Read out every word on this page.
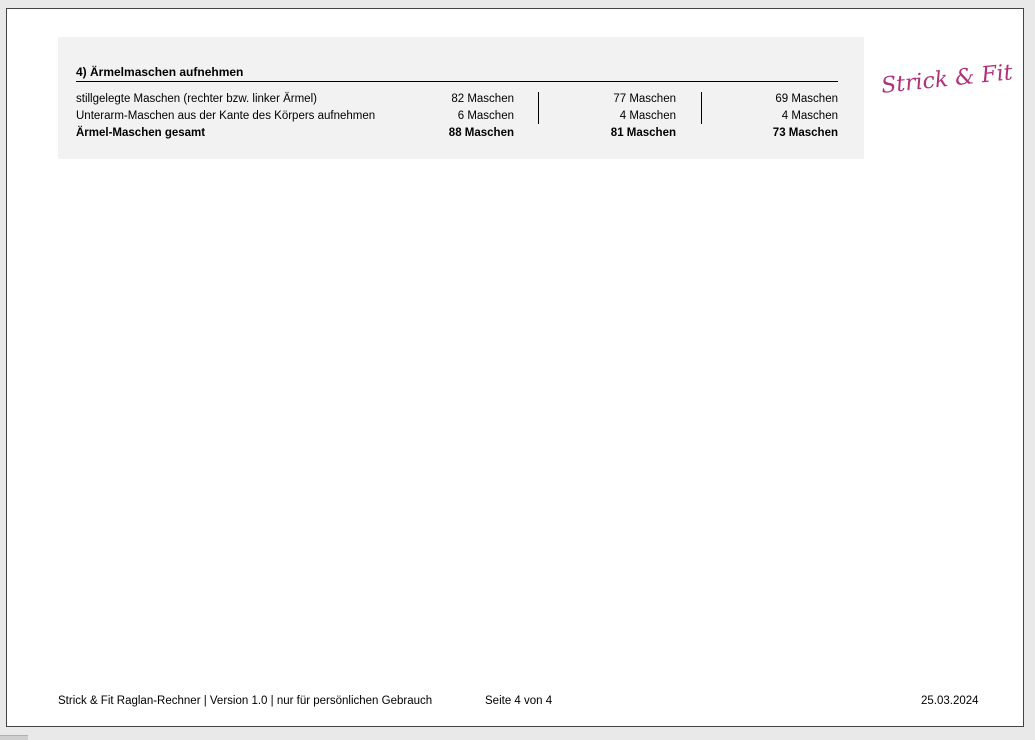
4) Ärmelmaschen aufnehmen
stillgelegte Maschen (rechter bzw. linker Ärmel)	82 Maschen	77 Maschen	69 Maschen
Unterarm-Maschen aus der Kante des Körpers aufnehmen	6 Maschen	4 Maschen	4 Maschen
Ärmel-Maschen gesamt	88 Maschen	81 Maschen	73 Maschen
Strick & Fit
Strick & Fit Raglan-Rechner | Version 1.0 | nur für persönlichen Gebrauch	Seite 4 von 4	25.03.2024
